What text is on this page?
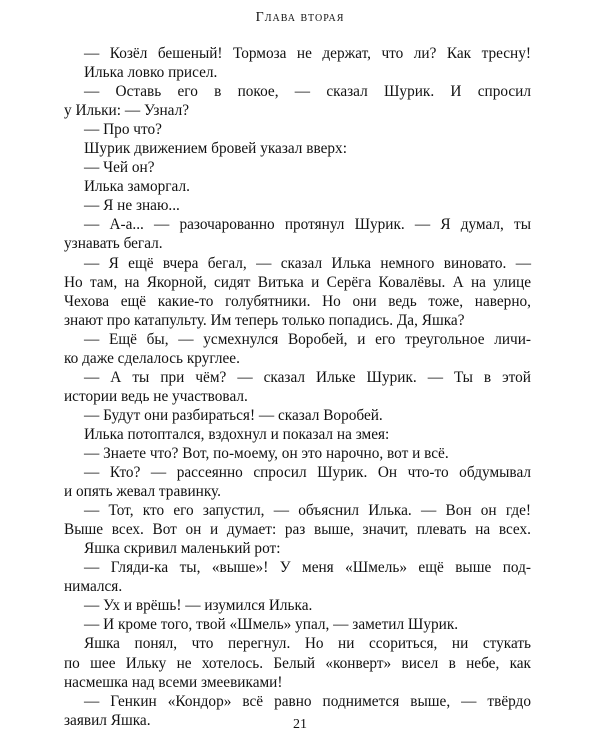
Глава вторая
— Козёл бешеный! Тормоза не держат, что ли? Как тресну!
Илька ловко присел.
— Оставь его в покое, — сказал Шурик. И спросил
у Ильки: — Узнал?
— Про что?
Шурик движением бровей указал вверх:
— Чей он?
Илька заморгал.
— Я не знаю...
— А-а... — разочарованно протянул Шурик. — Я думал, ты
узнавать бегал.
— Я ещё вчера бегал, — сказал Илька немного виновато. —
Но там, на Якорной, сидят Витька и Серёга Ковалёвы. А на улице
Чехова ещё какие-то голубятники. Но они ведь тоже, наверно,
знают про катапульту. Им теперь только попадись. Да, Яшка?
— Ещё бы, — усмехнулся Воробей, и его треугольное личи-
ко даже сделалось круглее.
— А ты при чём? — сказал Ильке Шурик. — Ты в этой
истории ведь не участвовал.
— Будут они разбираться! — сказал Воробей.
Илька потоптался, вздохнул и показал на змея:
— Знаете что? Вот, по-моему, он это нарочно, вот и всё.
— Кто? — рассеянно спросил Шурик. Он что-то обдумывал
и опять жевал травинку.
— Тот, кто его запустил, — объяснил Илька. — Вон он где!
Выше всех. Вот он и думает: раз выше, значит, плевать на всех.
Яшка скривил маленький рот:
— Гляди-ка ты, «выше»! У меня «Шмель» ещё выше под-
нимался.
— Ух и врёшь! — изумился Илька.
— И кроме того, твой «Шмель» упал, — заметил Шурик.
Яшка понял, что перегнул. Но ни ссориться, ни стукать
по шее Ильку не хотелось. Белый «конверт» висел в небе, как
насмешка над всеми змеевиками!
— Генкин «Кондор» всё равно поднимется выше, — твёрдо
заявил Яшка.	21
